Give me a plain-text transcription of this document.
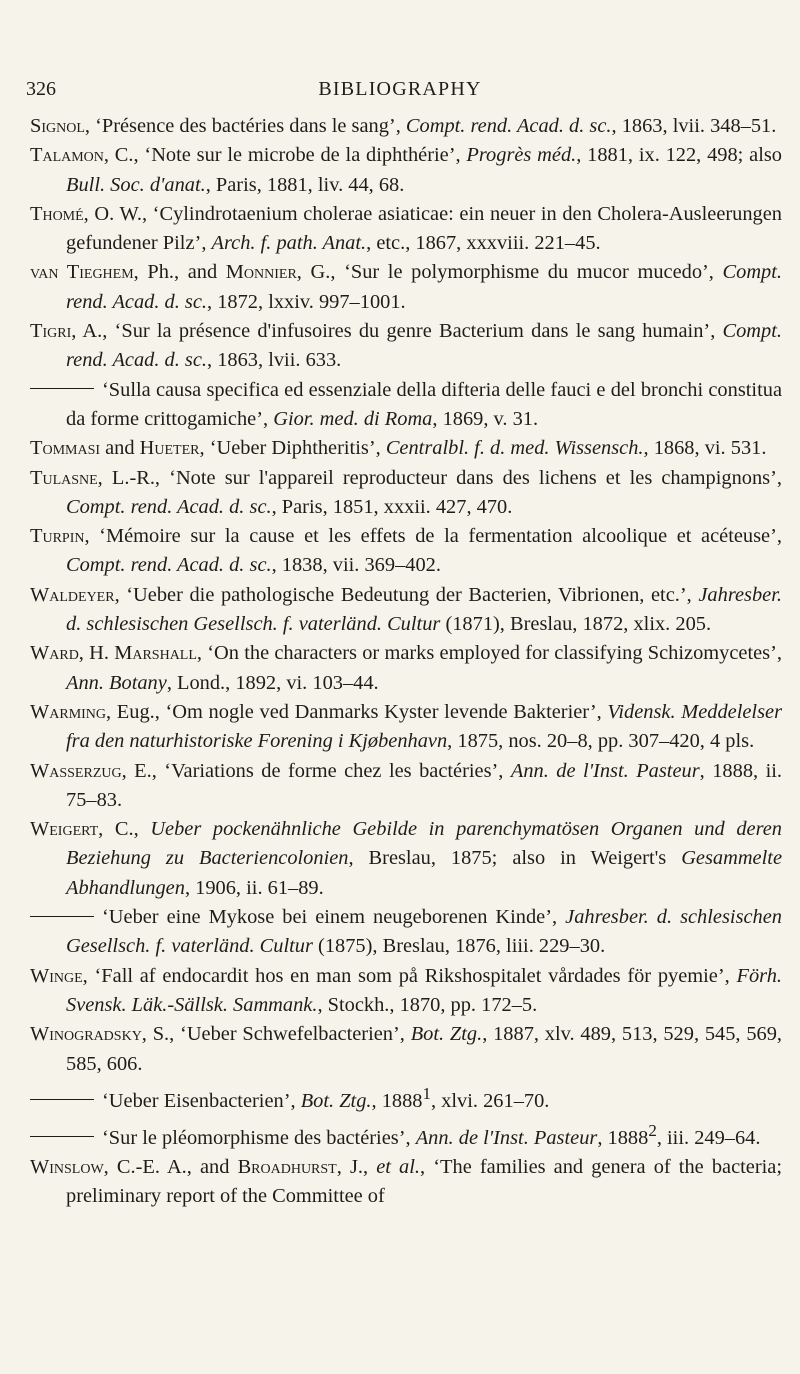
326	BIBLIOGRAPHY

Signol, ‘Présence des bactéries dans le sang’, Compt. rend. Acad. d. sc., 1863, lvii. 348–51.

Talamon, C., ‘Note sur le microbe de la diphthérie’, Progrès méd., 1881, ix. 122, 498; also Bull. Soc. d'anat., Paris, 1881, liv. 44, 68.

Thomé, O. W., ‘Cylindrotaenium cholerae asiaticae: ein neuer in den Cholera-Ausleerungen gefundener Pilz’, Arch. f. path. Anat., etc., 1867, xxxviii. 221–45.

van Tieghem, Ph., and Monnier, G., ‘Sur le polymorphisme du mucor mucedo’, Compt. rend. Acad. d. sc., 1872, lxxiv. 997–1001.

Tigri, A., ‘Sur la présence d'infusoires du genre Bacterium dans le sang humain’, Compt. rend. Acad. d. sc., 1863, lvii. 633.

‘Sulla causa specifica ed essenziale della difteria delle fauci e del bronchi constitua da forme crittogamiche’, Gior. med. di Roma, 1869, v. 31.

Tommasi and Hueter, ‘Ueber Diphtheritis’, Centralbl. f. d. med. Wissensch., 1868, vi. 531.

Tulasne, L.-R., ‘Note sur l'appareil reproducteur dans des lichens et les champignons’, Compt. rend. Acad. d. sc., Paris, 1851, xxxii. 427, 470.

Turpin, ‘Mémoire sur la cause et les effets de la fermentation alcoolique et acéteuse’, Compt. rend. Acad. d. sc., 1838, vii. 369–402.

Waldeyer, ‘Ueber die pathologische Bedeutung der Bacterien, Vibrionen, etc.’, Jahresber. d. schlesischen Gesellsch. f. vaterländ. Cultur (1871), Breslau, 1872, xlix. 205.

Ward, H. Marshall, ‘On the characters or marks employed for classifying Schizomycetes’, Ann. Botany, Lond., 1892, vi. 103–44.

Warming, Eug., ‘Om nogle ved Danmarks Kyster levende Bakterier’, Vidensk. Meddelelser fra den naturhistoriske Forening i Kjøbenhavn, 1875, nos. 20–8, pp. 307–420, 4 pls.

Wasserzug, E., ‘Variations de forme chez les bactéries’, Ann. de l'Inst. Pasteur, 1888, ii. 75–83.

Weigert, C., Ueber pockenähnliche Gebilde in parenchymatösen Organen und deren Beziehung zu Bacteriencolonien, Breslau, 1875; also in Weigert's Gesammelte Abhandlungen, 1906, ii. 61–89.

‘Ueber eine Mykose bei einem neugeborenen Kinde’, Jahresber. d. schlesischen Gesellsch. f. vaterländ. Cultur (1875), Breslau, 1876, liii. 229–30.

Winge, ‘Fall af endocardit hos en man som på Rikshospitalet vårdades för pyemie’, Förh. Svensk. Läk.-Sällsk. Sammank., Stockh., 1870, pp. 172–5.

Winogradsky, S., ‘Ueber Schwefelbacterien’, Bot. Ztg., 1887, xlv. 489, 513, 529, 545, 569, 585, 606.

‘Ueber Eisenbacterien’, Bot. Ztg., 1888$^1$, xlvi. 261–70.

‘Sur le pléomorphisme des bactéries’, Ann. de l'Inst. Pasteur, 1888$^2$, iii. 249–64.

Winslow, C.-E. A., and Broadhurst, J., et al., ‘The families and genera of the bacteria; preliminary report of the Committee of
